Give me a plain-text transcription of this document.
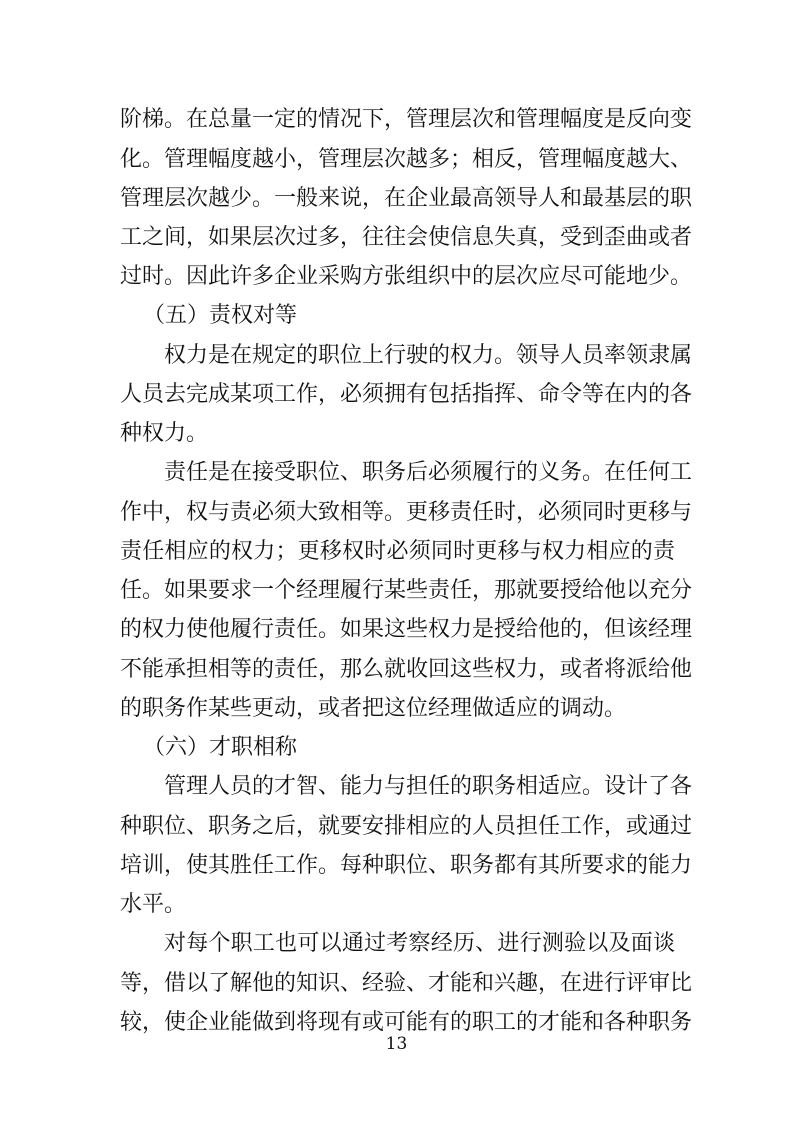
阶梯。在总量一定的情况下，管理层次和管理幅度是反向变
化。管理幅度越小，管理层次越多；相反，管理幅度越大、
管理层次越少。一般来说，在企业最高领导人和最基层的职
工之间，如果层次过多，往往会使信息失真，受到歪曲或者
过时。因此许多企业采购方张组织中的层次应尽可能地少。
（五）责权对等
权力是在规定的职位上行驶的权力。领导人员率领隶属
人员去完成某项工作，必须拥有包括指挥、命令等在内的各
种权力。
责任是在接受职位、职务后必须履行的义务。在任何工
作中，权与责必须大致相等。更移责任时，必须同时更移与
责任相应的权力；更移权时必须同时更移与权力相应的责
任。如果要求一个经理履行某些责任，那就要授给他以充分
的权力使他履行责任。如果这些权力是授给他的，但该经理
不能承担相等的责任，那么就收回这些权力，或者将派给他
的职务作某些更动，或者把这位经理做适应的调动。
（六）才职相称
管理人员的才智、能力与担任的职务相适应。设计了各
种职位、职务之后，就要安排相应的人员担任工作，或通过
培训，使其胜任工作。每种职位、职务都有其所要求的能力
水平。
对每个职工也可以通过考察经历、进行测验以及面谈
等，借以了解他的知识、经验、才能和兴趣，在进行评审比
较，使企业能做到将现有或可能有的职工的才能和各种职务
13
